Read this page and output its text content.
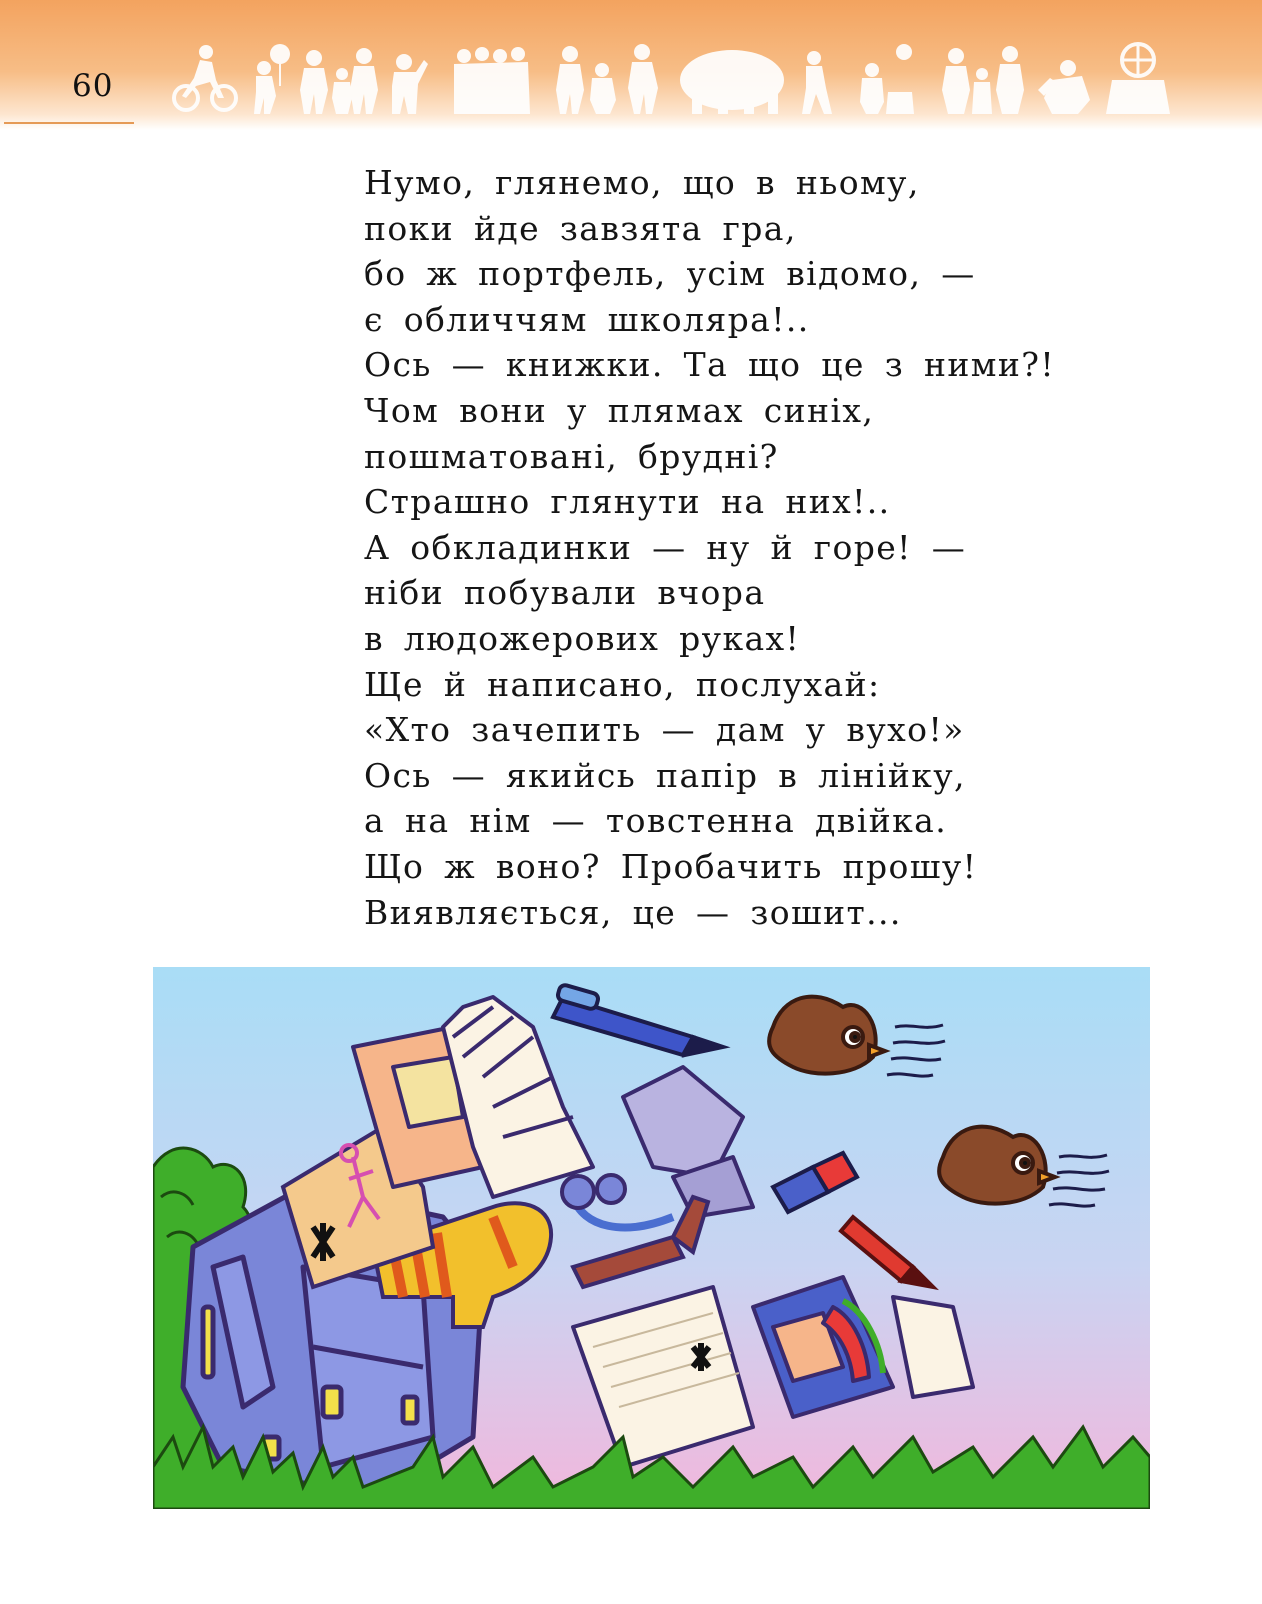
60
Нумо, глянемо, що в ньому,
поки йде завзята гра,
бо ж портфель, усім відомо, —
є обличчям школяра!..
Ось — книжки. Та що це з ними?!
Чом вони у плямах синіх,
пошматовані, брудні?
Страшно глянути на них!..
А обкладинки — ну й горе! —
ніби побували вчора
в людожерових руках!
Ще й написано, послухай:
«Хто зачепить — дам у вухо!»
Ось — якийсь папір в лінійку,
а на нім — товстенна двійка.
Що ж воно? Пробачить прошу!
Виявляється, це — зошит...
